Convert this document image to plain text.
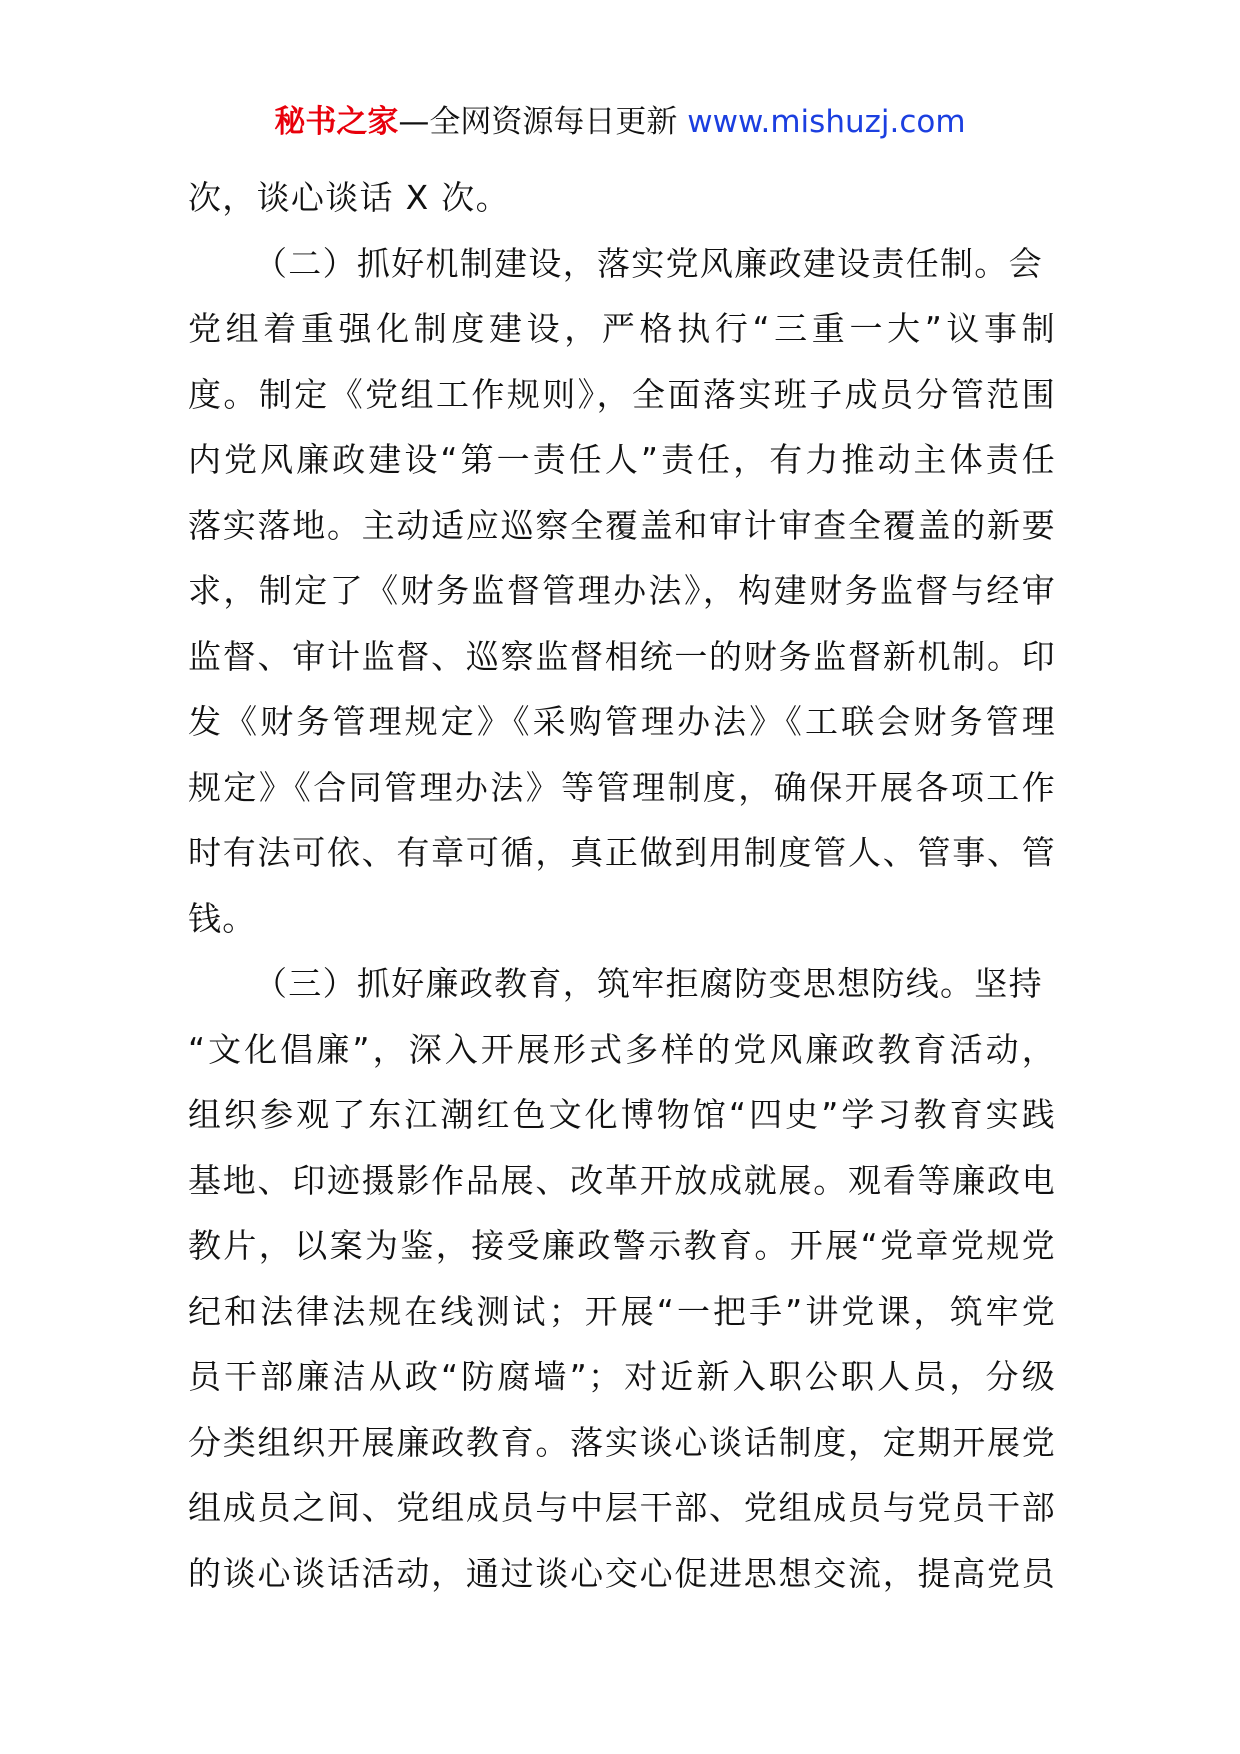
秘书之家—全网资源每日更新 www.mishuzj.com
次，谈心谈话 X 次。
（二）抓好机制建设，落实党风廉政建设责任制。会
党组着重强化制度建设，严格执行“三重一大”议事制
度。制定《党组工作规则》，全面落实班子成员分管范围
内党风廉政建设“第一责任人”责任，有力推动主体责任
落实落地。主动适应巡察全覆盖和审计审查全覆盖的新要
求，制定了《财务监督管理办法》，构建财务监督与经审
监督、审计监督、巡察监督相统一的财务监督新机制。印
发《财务管理规定》《采购管理办法》《工联会财务管理
规定》《合同管理办法》等管理制度，确保开展各项工作
时有法可依、有章可循，真正做到用制度管人、管事、管
钱。
（三）抓好廉政教育，筑牢拒腐防变思想防线。坚持
“文化倡廉”，深入开展形式多样的党风廉政教育活动，
组织参观了东江潮红色文化博物馆“四史”学习教育实践
基地、印迹摄影作品展、改革开放成就展。观看等廉政电
教片，以案为鉴，接受廉政警示教育。开展“党章党规党
纪和法律法规在线测试；开展“一把手”讲党课，筑牢党
员干部廉洁从政“防腐墙”；对近新入职公职人员，分级
分类组织开展廉政教育。落实谈心谈话制度，定期开展党
组成员之间、党组成员与中层干部、党组成员与党员干部
的谈心谈话活动，通过谈心交心促进思想交流，提高党员
